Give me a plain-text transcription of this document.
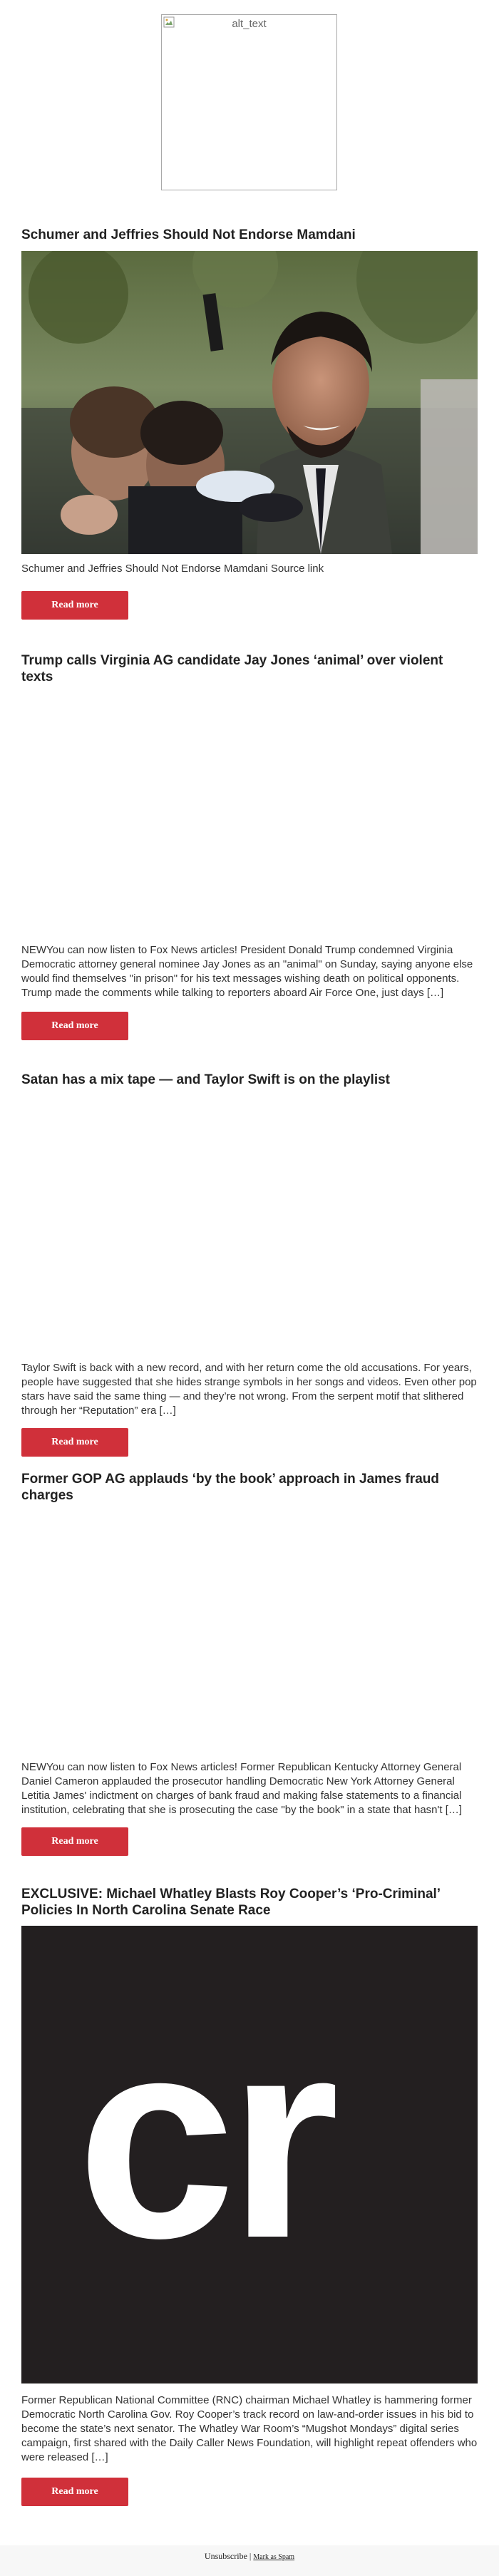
alt_text
Schumer and Jeffries Should Not Endorse Mamdani
Schumer and Jeffries Should Not Endorse Mamdani Source link
Read more
Trump calls Virginia AG candidate Jay Jones ‘animal’ over violent texts
NEWYou can now listen to Fox News articles! President Donald Trump condemned Virginia Democratic attorney general nominee Jay Jones as an "animal" on Sunday, saying anyone else would find themselves "in prison" for his text messages wishing death on political opponents. Trump made the comments while talking to reporters aboard Air Force One, just days […]
Read more
Satan has a mix tape — and Taylor Swift is on the playlist
Taylor Swift is back with a new record, and with her return come the old accusations. For years, people have suggested that she hides strange symbols in her songs and videos. Even other pop stars have said the same thing — and they’re not wrong. From the serpent motif that slithered through her “Reputation” era […]
Read more
Former GOP AG applauds ‘by the book’ approach in James fraud charges
NEWYou can now listen to Fox News articles! Former Republican Kentucky Attorney General Daniel Cameron applauded the prosecutor handling Democratic New York Attorney General Letitia James' indictment on charges of bank fraud and making false statements to a financial institution, celebrating that she is prosecuting the case "by the book" in a state that hasn't […]
Read more
EXCLUSIVE: Michael Whatley Blasts Roy Cooper’s ‘Pro-Criminal’ Policies In North Carolina Senate Race
cr
Former Republican National Committee (RNC) chairman Michael Whatley is hammering former Democratic North Carolina Gov. Roy Cooper’s track record on law-and-order issues in his bid to become the state’s next senator. The Whatley War Room’s “Mugshot Mondays” digital series campaign, first shared with the Daily Caller News Foundation, will highlight repeat offenders who were released […]
Read more
Unsubscribe | Mark as Spam
